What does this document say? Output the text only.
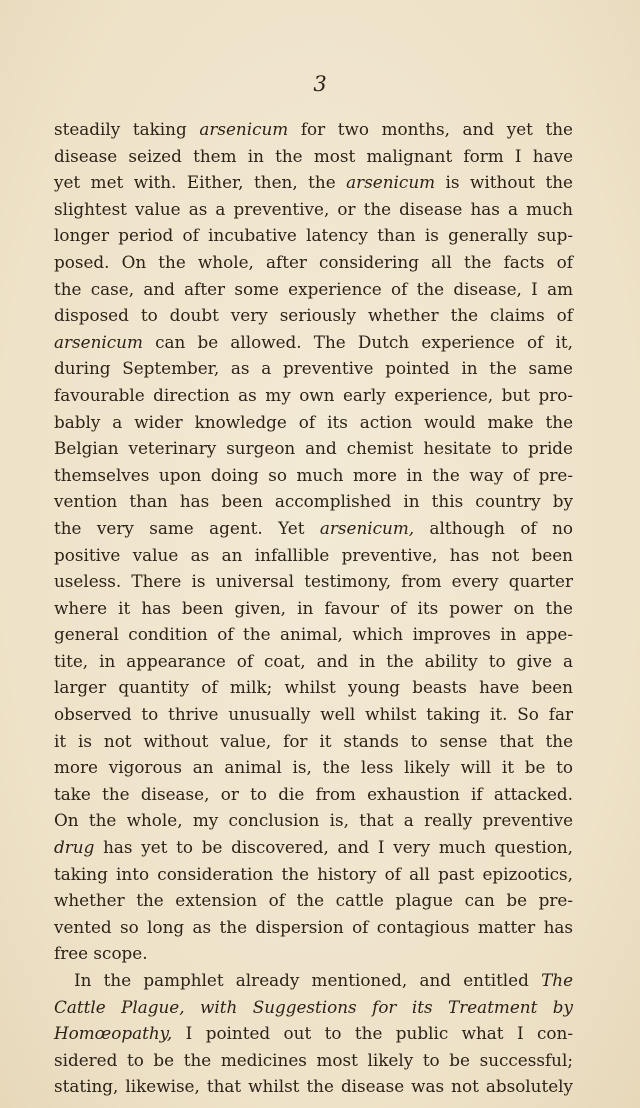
3
steadily taking arsenicum for two months, and yet the
disease seized them in the most malignant form I have
yet met with. Either, then, the arsenicum is without the
slightest value as a preventive, or the disease has a much
longer period of incubative latency than is generally sup-
posed. On the whole, after considering all the facts of
the case, and after some experience of the disease, I am
disposed to doubt very seriously whether the claims of
arsenicum can be allowed. The Dutch experience of it,
during September, as a preventive pointed in the same
favourable direction as my own early experience, but pro-
bably a wider knowledge of its action would make the
Belgian veterinary surgeon and chemist hesitate to pride
themselves upon doing so much more in the way of pre-
vention than has been accomplished in this country by
the very same agent. Yet arsenicum, although of no
positive value as an infallible preventive, has not been
useless. There is universal testimony, from every quarter
where it has been given, in favour of its power on the
general condition of the animal, which improves in appe-
tite, in appearance of coat, and in the ability to give a
larger quantity of milk; whilst young beasts have been
observed to thrive unusually well whilst taking it. So far
it is not without value, for it stands to sense that the
more vigorous an animal is, the less likely will it be to
take the disease, or to die from exhaustion if attacked.
On the whole, my conclusion is, that a really preventive
drug has yet to be discovered, and I very much question,
taking into consideration the history of all past epizootics,
whether the extension of the cattle plague can be pre-
vented so long as the dispersion of contagious matter has
free scope.
In the pamphlet already mentioned, and entitled The
Cattle Plague, with Suggestions for its Treatment by
Homœopathy, I pointed out to the public what I con-
sidered to be the medicines most likely to be successful;
stating, likewise, that whilst the disease was not absolutely
